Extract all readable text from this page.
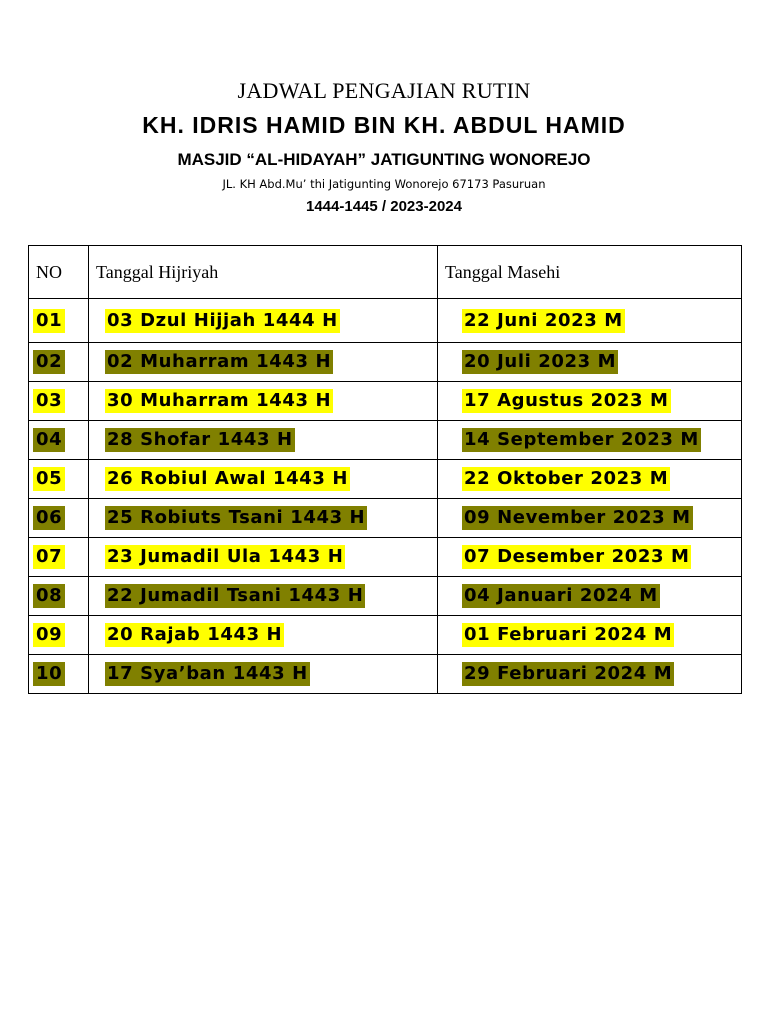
JADWAL PENGAJIAN RUTIN
KH. IDRIS HAMID BIN KH. ABDUL HAMID
MASJID “AL-HIDAYAH” JATIGUNTING WONOREJO
JL. KH Abd.Mu’ thi Jatigunting Wonorejo 67173 Pasuruan
1444-1445 / 2023-2024
NO	Tanggal Hijriyah	Tanggal Masehi
01	03 Dzul Hijjah 1444 H	22 Juni 2023 M
02	02 Muharram 1443 H	20 Juli 2023 M
03	30 Muharram 1443 H	17 Agustus 2023 M
04	28 Shofar 1443 H	14 September 2023 M
05	26 Robiul Awal 1443 H	22 Oktober 2023 M
06	25 Robiuts Tsani 1443 H	09 Nevember 2023 M
07	23 Jumadil Ula 1443 H	07 Desember 2023 M
08	22 Jumadil Tsani 1443 H	04 Januari 2024 M
09	20 Rajab 1443 H	01 Februari 2024 M
10	17 Sya’ban 1443 H	29 Februari 2024 M
